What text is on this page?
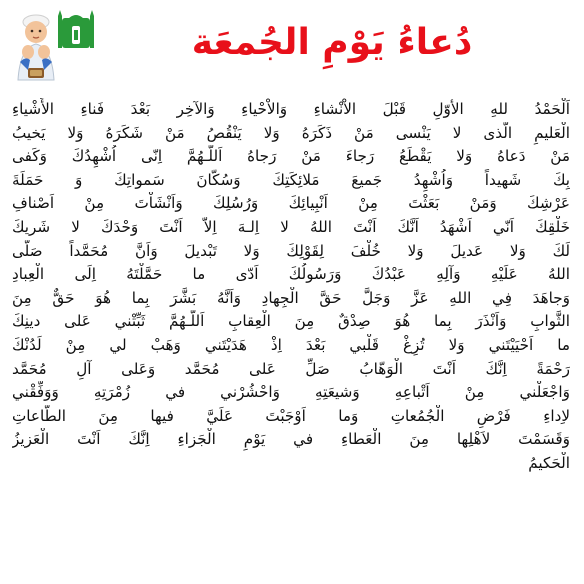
دُعاءُ يَوْمِ الجُمعَة
اَلْحَمْدُ للهِ الأوّلِ قَبْلَ الاْنْشاءِ وَالاْحْياءِ وَالآخِر بَعْدَ فَناءِ الأَشْياءِ
الْعَليمِ الّذى لا يَنْسى مَنْ ذَكَرَهُ وَلا يَنْقُصُ مَنْ شَكَرَهُ وَلا يَخيبُ
مَنْ دَعاهُ وَلا يَقْطَعُ رَجاءَ مَنْ رَجاهُ اَللّـهُمَّ اِنّى اُشْهِدُكَ وَكَفى
بِكَ شَهيداً وَاُشْهِدُ جَميعَ مَلائِكَتِكَ وَسُكّانَ سَمواتِكَ وَ حَمَلَةَ
عَرْشِكَ وَمَنْ بَعَثْتَ مِنْ اَنْبِيائِكَ وَرُسُلِكَ وَاَنْشَاْتَ مِنْ اَصْنافِ
خَلْقِكَ اَنّي اَشْهَدُ اَنَّكَ اَنْتَ اللهُ لا اِلـهَ اِلاّ اَنْتَ وَحْدَكَ لا شَريكَ
لَكَ وَلا عَديلَ وَلا خُلْفَ لِقَوْلِكَ وَلا تَبْديلَ وَاَنَّ مُحَمَّداً صَلّى
اللهُ عَلَيْهِ وَآلِهِ عَبْدُكَ وَرَسُولُكَ اَدّى ما حَمَّلْتَهُ اِلَى الْعِبادِ
وَجاهَدَ فِي اللهِ عَزَّ وَجَلَّ حَقَّ الْجِهادِ وَاَنَّهُ بَشَّرَ بِما هُوَ حَقٌّ مِنَ
الثَّوابِ وَاَنْذَرَ بِما هُوَ صِدْقٌ مِنَ الْعِقابِ اَللّـهُمَّ ثَبِّتْني عَلى دينِكَ
ما اَحْيَيْتَني وَلا تُزِغْ قَلْبي بَعْدَ اِذْ هَدَيْتَني وَهَبْ لي مِنْ لَدُنْكَ
رَحْمَةً اِنَّكَ اَنْتَ الْوَهّابُ صَلِّ عَلى مُحَمَّد وَعَلى آلِ مُحَمَّد
وَاجْعَلْني مِنْ اَتْباعِهِ وَشيعَتِهِ وَاحْشُرْني في زُمْرَتِهِ وَوَفِّقْني
لاِداءِ فَرْضِ الْجُمُعاتِ وَما اَوْجَبْتَ عَلَيَّ فيها مِنَ الطّاعاتِ
وَقَسَمْتَ لاَهْلِها مِنَ الْعَطاءِ في يَوْمِ الْجَزاءِ اِنَّكَ اَنْتَ الْعَزيزُ
الْحَكيمُ
